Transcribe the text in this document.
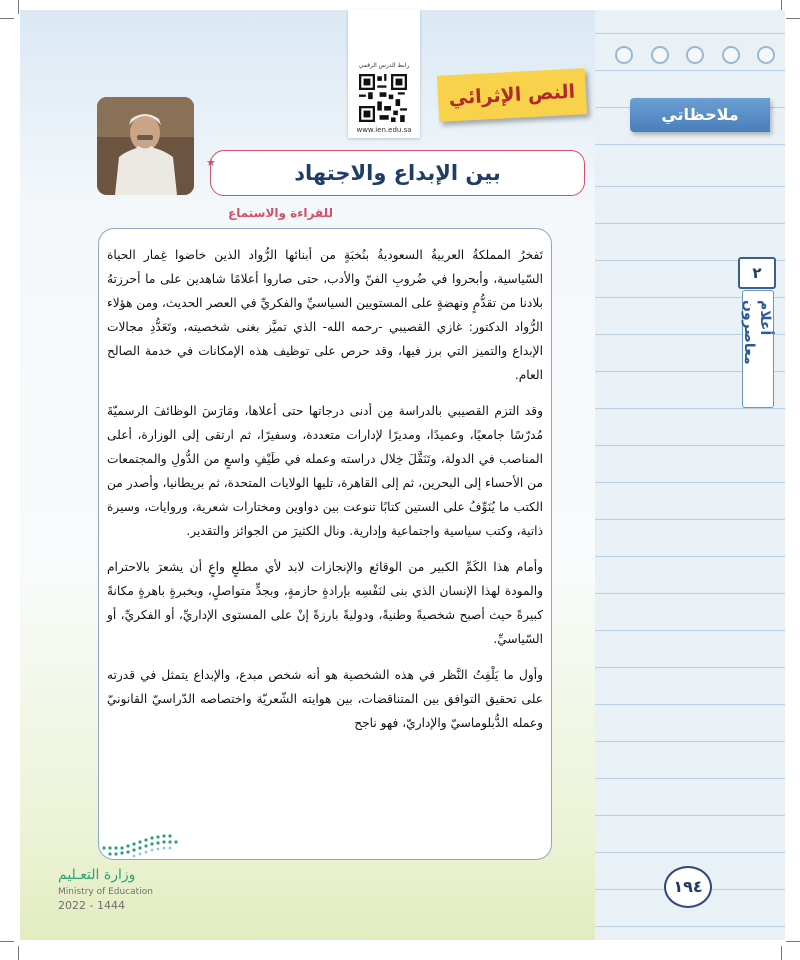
ملاحظاتي
٢
أعلام معاصرون
رابط الدرس الرقمي
www.ien.edu.sa
النص الإثرائي
بين الإبداع والاجتهاد
★
للقراءة والاستماع

تَفخرُ المملكةُ العربيةُ السعوديةُ بنُخبَةٍ من أبنائها الرُّواد الذين خاضوا غِمار الحياة السّياسية، وأبحروا في ضُروبِ الفنّ والأدب، حتى صاروا أعلامًا شاهدين على ما أحرزتهُ بلادنا من تقدُّمٍ ونهضةٍ على المستويين السياسيِّ والفكريِّ في العصر الحديث، ومن هؤلاء الرُّواد الدكتور: غازي القصيبي -رحمه الله- الذي تميَّز بغنى شخصيته، وتَعَدُّدِ مجالات الإبداع والتميز التي برز فيها، وقد حرص على توظيف هذه الإمكانات في خدمة الصالح العام.

وقد التزم القصيبي بالدراسة مِن أدنى درجاتها حتى أعلاها، ومَارَسَ الوظائفَ الرسميّةَ مُدرّسًا جامعيًا، وعميدًا، ومديرًا لإدارات متعددة، وسفيرًا، ثم ارتقى إلى الوزارة، أعلى المناصب في الدولة، وتَنَقَّلَ خِلال دراسته وعمله في طَيْفٍ واسعٍ من الدُّولِ والمجتمعات من الأحساء إلى البحرين، ثم إلى القاهرة، تليها الولايات المتحدة، ثم بريطانيا، وأصدر من الكتب ما يُنَوِّفُ على الستين كتابًا تنوعت بين دواوين ومختارات شعرية، وروايات، وسيرة ذاتية، وكتب سياسية واجتماعية وإدارية. ونال الكثيرَ من الجوائز والتقدير.

وأمام هذا الكَمِّ الكبير من الوقائع والإنجازات لابد لأي مطلعٍ واعٍ أن يشعرَ بالاحترام والمودة لهذا الإنسان الذي بنى لنَفْسِه بإرادةٍ حازمةٍ، وبجدٍّ متواصلٍ، وبخبرةٍ باهرةٍ مكانةً كبيرةً حيث أصبح شخصيةً وطنيةً، ودوليةً بارزةً إنْ على المستوى الإداريِّ، أو الفكريِّ، أو السّياسيِّ.

وأول ما يَلْفِتُ النَّظر في هذه الشخصية هو أنه شخص مبدع، والإبداع يتمثل في قدرته على تحقيق التوافق بين المتناقضات، بين هوايته الشّعريّة واختصاصه الدّراسيّ القانونيّ وعمله الدُّبلوماسيّ والإداريّ، فهو ناجح

وزارة التعـليم
Ministry of Education
2022 - 1444
١٩٤
